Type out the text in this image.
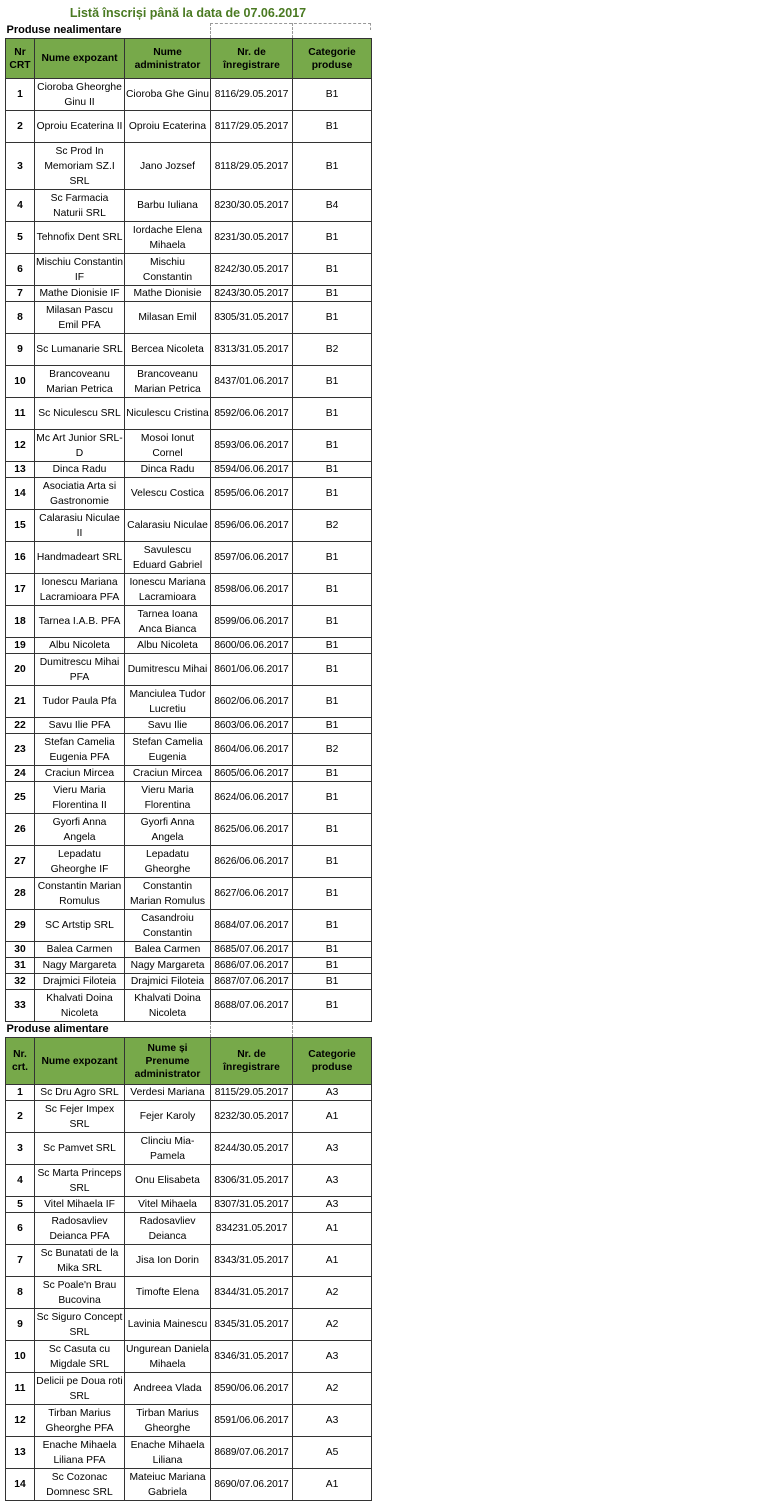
Listă înscriși până la data de 07.06.2017
Produse nealimentare				
Nr CRT	Nume expozant	Nume administrator	Nr. de înregistrare	Categorie produse
1	Cioroba Gheorghe Ginu II	Cioroba Ghe Ginu	8116/29.05.2017	B1
2	Oproiu Ecaterina II	Oproiu Ecaterina	8117/29.05.2017	B1
3	Sc Prod In Memoriam SZ.I SRL	Jano Jozsef	8118/29.05.2017	B1
4	Sc Farmacia Naturii SRL	Barbu Iuliana	8230/30.05.2017	B4
5	Tehnofix Dent SRL	Iordache Elena Mihaela	8231/30.05.2017	B1
6	Mischiu Constantin IF	Mischiu Constantin	8242/30.05.2017	B1
7	Mathe Dionisie IF	Mathe Dionisie	8243/30.05.2017	B1
8	Milasan Pascu Emil PFA	Milasan Emil	8305/31.05.2017	B1
9	Sc Lumanarie SRL	Bercea Nicoleta	8313/31.05.2017	B2
10	Brancoveanu Marian Petrica	Brancoveanu Marian Petrica	8437/01.06.2017	B1
11	Sc Niculescu SRL	Niculescu Cristina	8592/06.06.2017	B1
12	Mc Art Junior SRL-D	Mosoi Ionut Cornel	8593/06.06.2017	B1
13	Dinca Radu	Dinca Radu	8594/06.06.2017	B1
14	Asociatia Arta si Gastronomie	Velescu Costica	8595/06.06.2017	B1
15	Calarasiu Niculae II	Calarasiu Niculae	8596/06.06.2017	B2
16	Handmadeart SRL	Savulescu Eduard Gabriel	8597/06.06.2017	B1
17	Ionescu Mariana Lacramioara PFA	Ionescu Mariana Lacramioara	8598/06.06.2017	B1
18	Tarnea I.A.B. PFA	Tarnea Ioana Anca Bianca	8599/06.06.2017	B1
19	Albu Nicoleta	Albu Nicoleta	8600/06.06.2017	B1
20	Dumitrescu Mihai PFA	Dumitrescu Mihai	8601/06.06.2017	B1
21	Tudor Paula Pfa	Manciulea Tudor Lucretiu	8602/06.06.2017	B1
22	Savu Ilie PFA	Savu Ilie	8603/06.06.2017	B1
23	Stefan Camelia Eugenia PFA	Stefan Camelia Eugenia	8604/06.06.2017	B2
24	Craciun Mircea	Craciun Mircea	8605/06.06.2017	B1
25	Vieru Maria Florentina II	Vieru Maria Florentina	8624/06.06.2017	B1
26	Gyorfi Anna Angela	Gyorfi Anna Angela	8625/06.06.2017	B1
27	Lepadatu Gheorghe IF	Lepadatu Gheorghe	8626/06.06.2017	B1
28	Constantin Marian Romulus	Constantin Marian Romulus	8627/06.06.2017	B1
29	SC Artstip SRL	Casandroiu Constantin	8684/07.06.2017	B1
30	Balea Carmen	Balea Carmen	8685/07.06.2017	B1
31	Nagy Margareta	Nagy Margareta	8686/07.06.2017	B1
32	Drajmici Filoteia	Drajmici Filoteia	8687/07.06.2017	B1
33	Khalvati Doina Nicoleta	Khalvati Doina Nicoleta	8688/07.06.2017	B1
Produse alimentare				
Nr. crt.	Nume expozant	Nume și Prenume administrator	Nr. de înregistrare	Categorie produse
1	Sc Dru Agro SRL	Verdesi Mariana	8115/29.05.2017	A3
2	Sc Fejer Impex SRL	Fejer Karoly	8232/30.05.2017	A1
3	Sc Pamvet SRL	Clinciu Mia-Pamela	8244/30.05.2017	A3
4	Sc Marta Princeps SRL	Onu Elisabeta	8306/31.05.2017	A3
5	Vitel Mihaela IF	Vitel Mihaela	8307/31.05.2017	A3
6	Radosavliev Deianca PFA	Radosavliev Deianca	834231.05.2017	A1
7	Sc Bunatati de la Mika SRL	Jisa Ion Dorin	8343/31.05.2017	A1
8	Sc Poale'n Brau Bucovina	Timofte Elena	8344/31.05.2017	A2
9	Sc Siguro Concept SRL	Lavinia Mainescu	8345/31.05.2017	A2
10	Sc Casuta cu Migdale SRL	Ungurean Daniela Mihaela	8346/31.05.2017	A3
11	Delicii pe Doua roti SRL	Andreea Vlada	8590/06.06.2017	A2
12	Tirban Marius Gheorghe PFA	Tirban Marius Gheorghe	8591/06.06.2017	A3
13	Enache Mihaela Liliana PFA	Enache Mihaela Liliana	8689/07.06.2017	A5
14	Sc Cozonac Domnesc SRL	Mateiuc Mariana Gabriela	8690/07.06.2017	A1
